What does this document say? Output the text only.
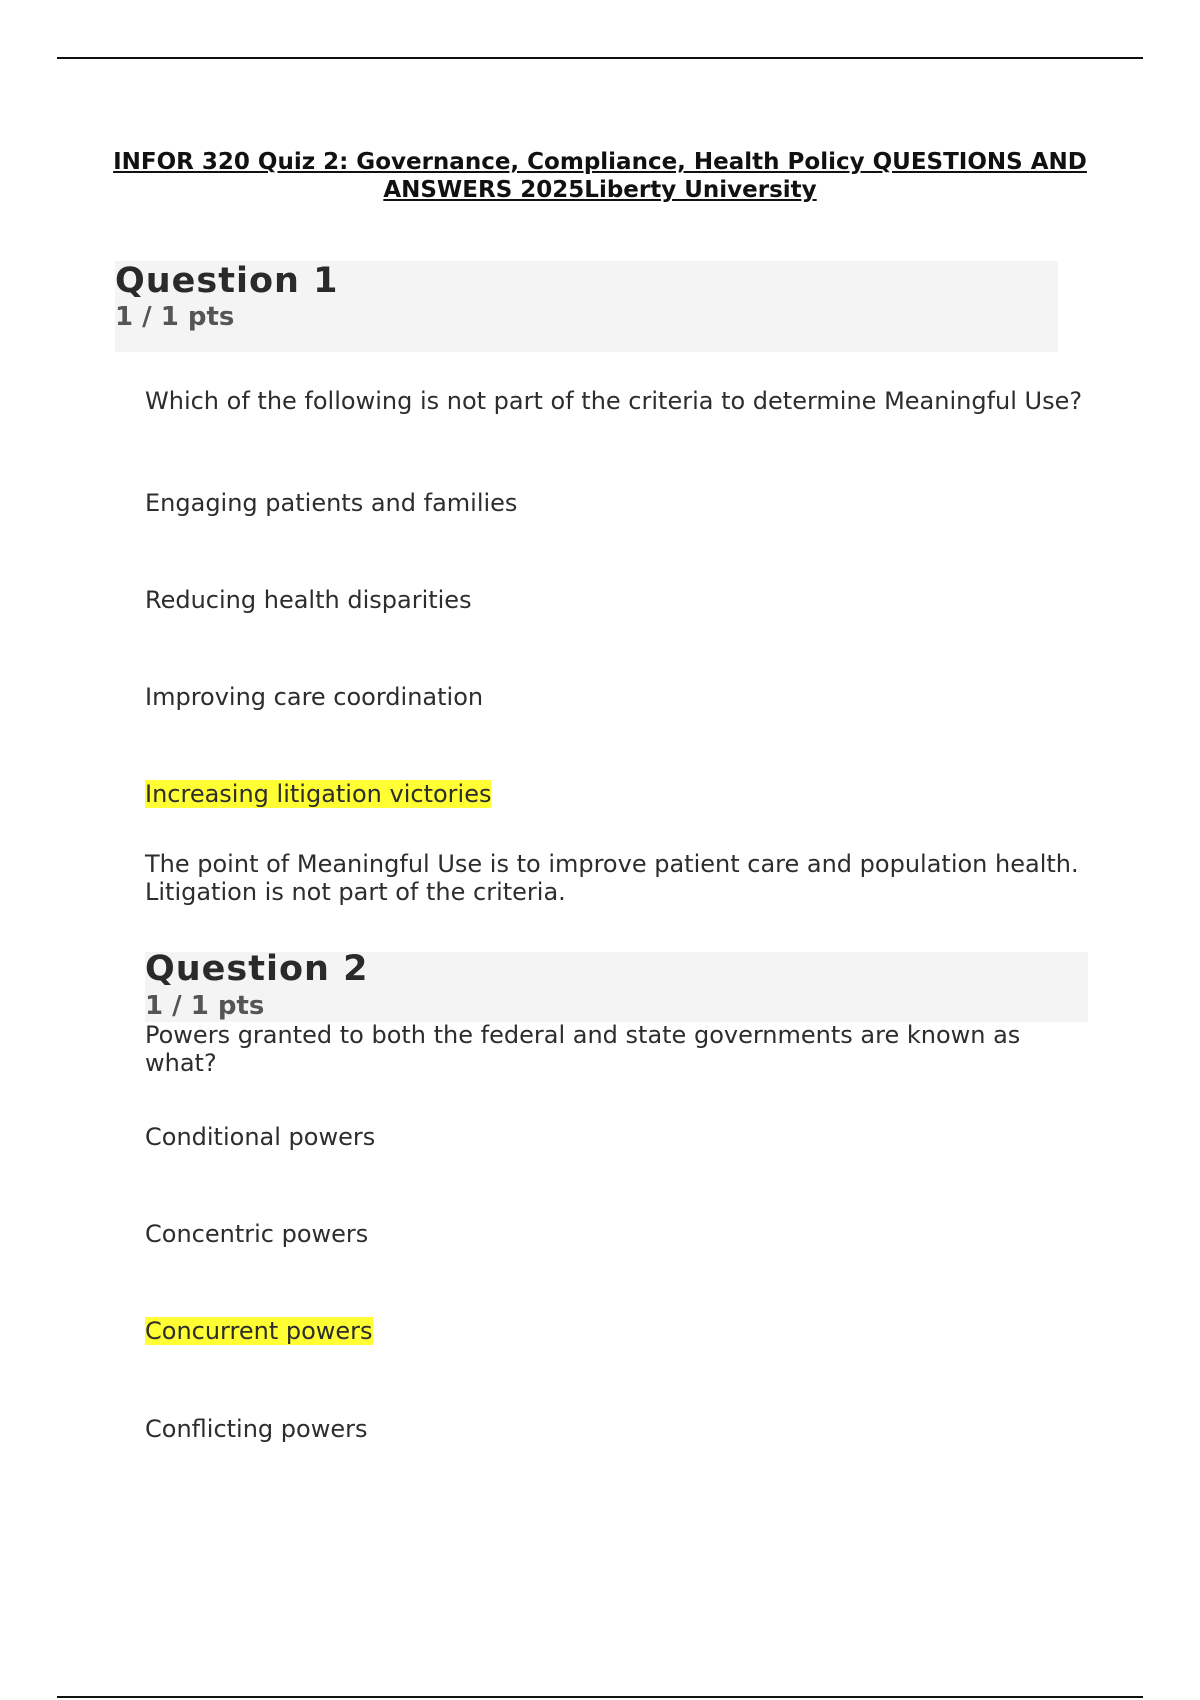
INFOR 320 Quiz 2: Governance, Compliance, Health Policy QUESTIONS AND ANSWERS 2025Liberty University
Question 1
1 / 1 pts
Which of the following is not part of the criteria to determine Meaningful Use?
Engaging patients and families
Reducing health disparities
Improving care coordination
Increasing litigation victories
The point of Meaningful Use is to improve patient care and population health. Litigation is not part of the criteria.
Question 2
1 / 1 pts
Powers granted to both the federal and state governments are known as what?
Conditional powers
Concentric powers
Concurrent powers
Conflicting powers
